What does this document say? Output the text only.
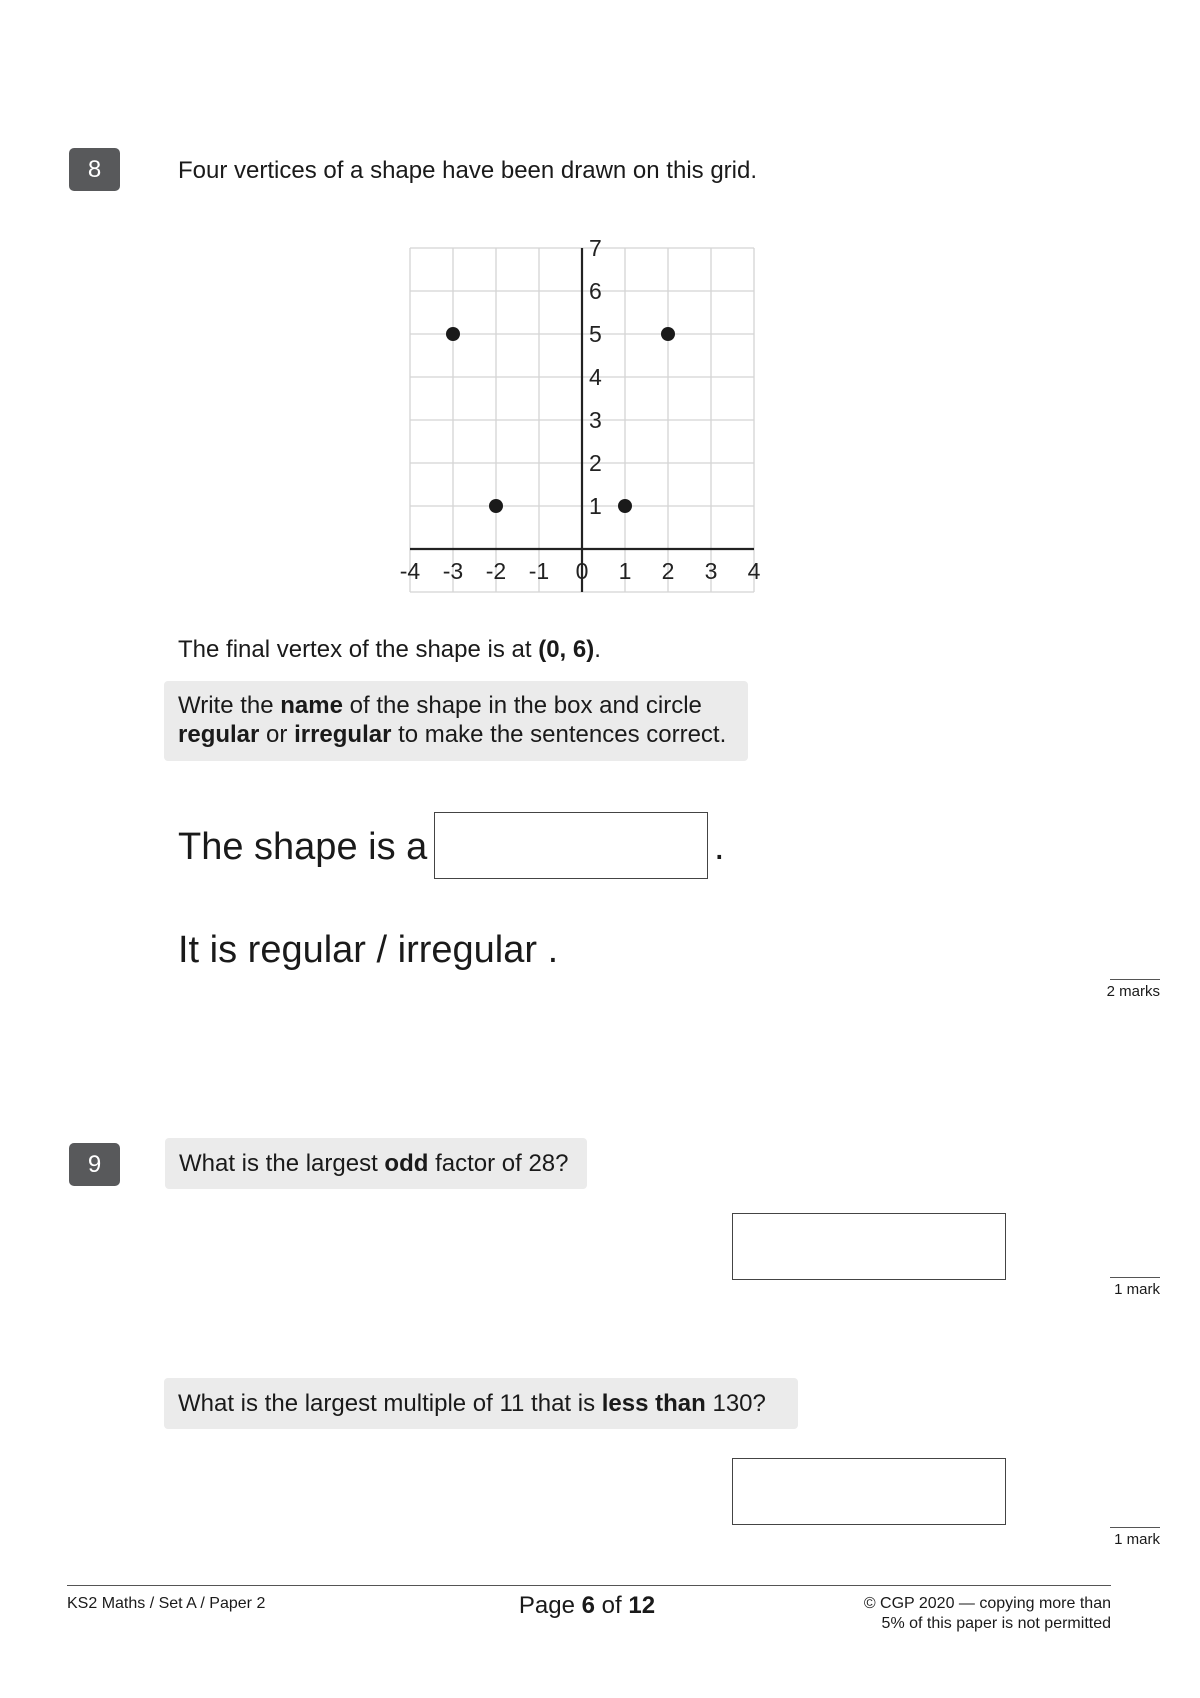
8	Four vertices of a shape have been drawn on this grid.
-4 -3 -2 -1 0 1 2 3 4
1
2
3
4
5
6
7
The final vertex of the shape is at (0, 6).
Write the name of the shape in the box and circle
regular or irregular to make the sentences correct.
The shape is a	.
It is regular / irregular .
2 marks
9	What is the largest odd factor of 28?
1 mark
What is the largest multiple of 11 that is less than 130?
1 mark
KS2 Maths / Set A / Paper 2	Page 6 of 12	© CGP 2020 — copying more than
5% of this paper is not permitted
